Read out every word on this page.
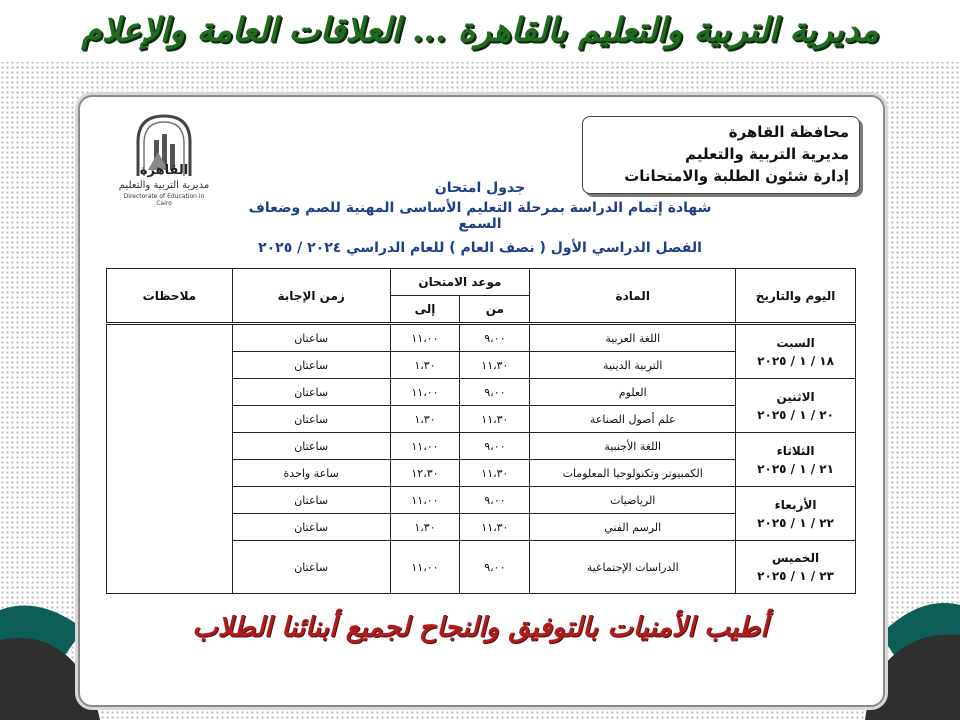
مديرية التربية والتعليم بالقاهرة ... العلاقات العامة والإعلام
محافظة القاهرة
مديرية التربية والتعليم
إدارة شئون الطلبة والامتحانات
القاهرة
مديرية التربية والتعليم
Directorate of Education in Cairo
جدول امتحان
شهادة إتمام الدراسة بمرحلة التعليم الأساسى المهنية للصم وضعاف السمع
الفصل الدراسي الأول ( نصف العام ) للعام الدراسي ٢٠٢٤ / ٢٠٢٥
اليوم والتاريخ	المادة	موعد الامتحان		زمن الإجابة	ملاحظات
		من	إلى		

السبت
١٨ / ١ / ٢٠٢٥	اللغة العربية	٩،٠٠	١١،٠٠	ساعتان	
	التربية الدينية	١١،٣٠	١،٣٠	ساعتان	

الاثنين
٢٠ / ١ / ٢٠٢٥	العلوم	٩،٠٠	١١،٠٠	ساعتان	
	علم أصول الصناعة	١١،٣٠	١،٣٠	ساعتان	

الثلاثاء
٢١ / ١ / ٢٠٢٥	اللغة الأجنبية	٩،٠٠	١١،٠٠	ساعتان	
	الكمبيوتر وتكنولوجيا المعلومات	١١،٣٠	١٢،٣٠	ساعة واحدة	

الأربعاء
٢٢ / ١ / ٢٠٢٥	الرياضيات	٩،٠٠	١١،٠٠	ساعتان	
	الرسم الفني	١١،٣٠	١،٣٠	ساعتان	

الخميس
٢٣ / ١ / ٢٠٢٥	الدراسات الإجتماعية	٩،٠٠	١١،٠٠	ساعتان	
أطيب الأمنيات بالتوفيق والنجاح لجميع أبنائنا الطلاب
